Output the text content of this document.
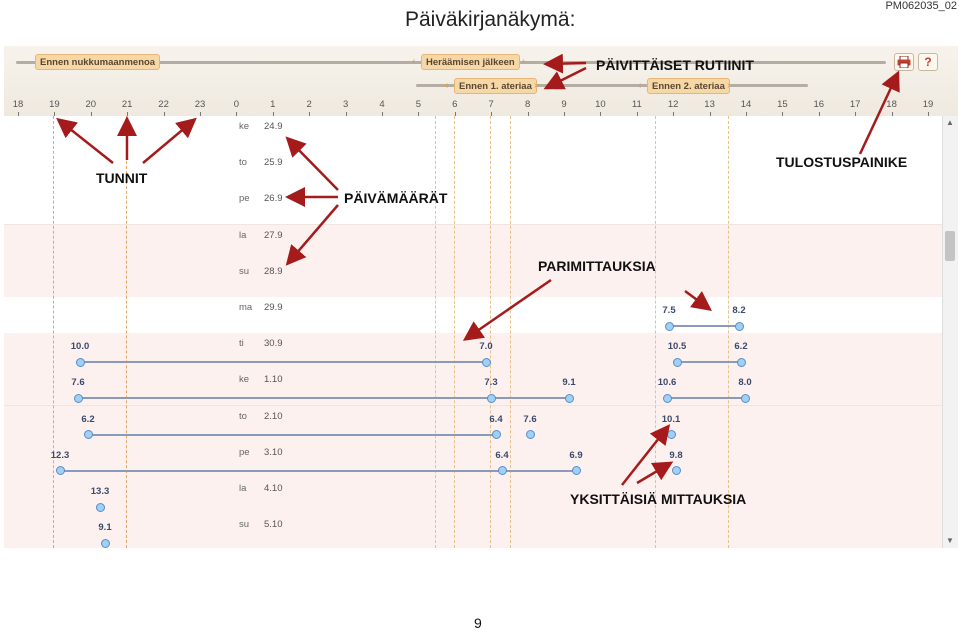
Päiväkirjanäkymä:
PM062035_02
Ennen nukkumaanmenoa	‹	Heräämisen jälkeen ›
‹	Ennen 1. ateriaa ›	‹	Ennen 2. ateriaa ›
?
18	19	20	21	22	23	0	1	2	3	4	5	6	7	8	9	10	11	12	13	14	15	16	17	18	19
ke 24.9
to 25.9
pe 26.9
la 27.9
su 28.9
ma 29.9
ti 30.9
ke 1.10
to 2.10
pe 3.10
la 4.10
su 5.10
▲
▼
7.5	8.2
10.0	7.0	10.5	6.2
7.6	7.3	9.1	10.6	8.0
6.2	6.4 7.6	10.1
12.3	6.4	6.9	9.8
13.3
9.1
PÄIVITTÄISET RUTIINIT
TUNNIT
PÄIVÄMÄÄRÄT
TULOSTUSPAINIKE
PARIMITTAUKSIA
YKSITTÄISIÄ MITTAUKSIA
9
